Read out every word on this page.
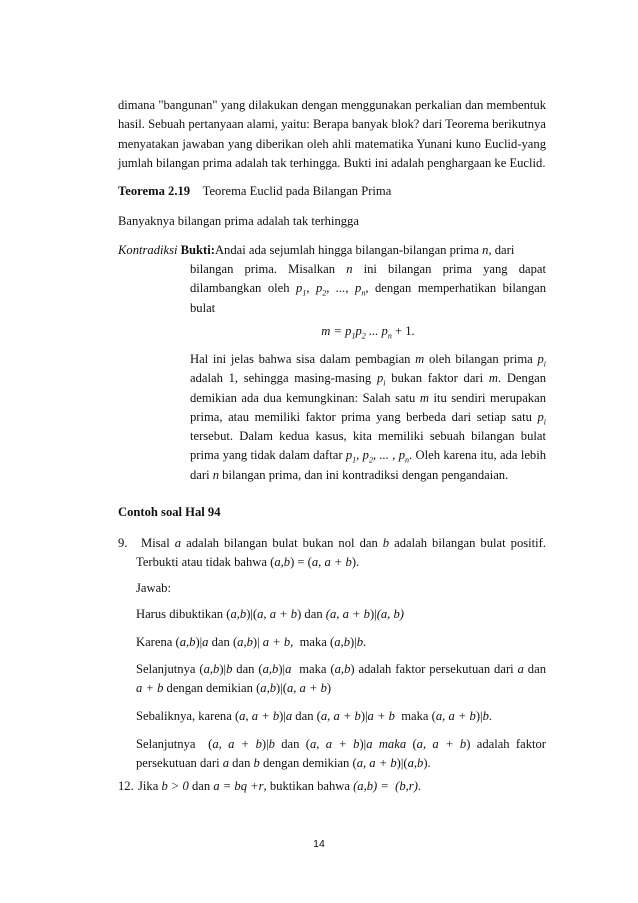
dimana "bangunan" yang dilakukan dengan menggunakan perkalian dan membentuk hasil. Sebuah pertanyaan alami, yaitu: Berapa banyak blok? dari Teorema berikutnya menyatakan jawaban yang diberikan oleh ahli matematika Yunani kuno Euclid-yang jumlah bilangan prima adalah tak terhingga. Bukti ini adalah penghargaan ke Euclid.

Teorema 2.19 Teorema Euclid pada Bilangan Prima

Banyaknya bilangan prima adalah tak terhingga

Kontradiksi Bukti:Andai ada sejumlah hingga bilangan-bilangan prima n, dari

bilangan prima. Misalkan n ini bilangan prima yang dapat dilambangkan oleh $p_1$, $p_2$, ..., $p_n$, dengan memperhatikan bilangan bulat

$m = p_1p_2$ ... $p_n + 1$.

Hal ini jelas bahwa sisa dalam pembagian m oleh bilangan prima $p_i$ adalah 1, sehingga masing-masing $p_i$ bukan faktor dari m. Dengan demikian ada dua kemungkinan: Salah satu m itu sendiri merupakan prima, atau memiliki faktor prima yang berbeda dari setiap satu $p_i$ tersebut. Dalam kedua kasus, kita memiliki sebuah bilangan bulat prima yang tidak dalam daftar $p_1$, $p_2$, ... , $p_n$. Oleh karena itu, ada lebih dari n bilangan prima, dan ini kontradiksi dengan pengandaian.

Contoh soal Hal 94

9. Misal a adalah bilangan bulat bukan nol dan b adalah bilangan bulat positif. Terbukti atau tidak bahwa (a,b) = (a, a + b).

Jawab:

Harus dibuktikan (a,b)|(a, a + b) dan (a, a + b)|(a, b)

Karena (a,b)|a dan (a,b)| a + b,  maka (a,b)|b.

Selanjutnya (a,b)|b dan (a,b)|a  maka (a,b) adalah faktor persekutuan dari a dan a + b dengan demikian (a,b)|(a, a + b)

Sebaliknya, karena (a, a + b)|a dan (a, a + b)|a + b  maka (a, a + b)|b.

Selanjutnya  (a, a + b)|b dan (a, a + b)|a maka (a, a + b) adalah faktor persekutuan dari a dan b dengan demikian (a, a + b)|(a,b).

12. Jika b > 0 dan a = bq +r, buktikan bahwa (a,b) =  (b,r).

14
